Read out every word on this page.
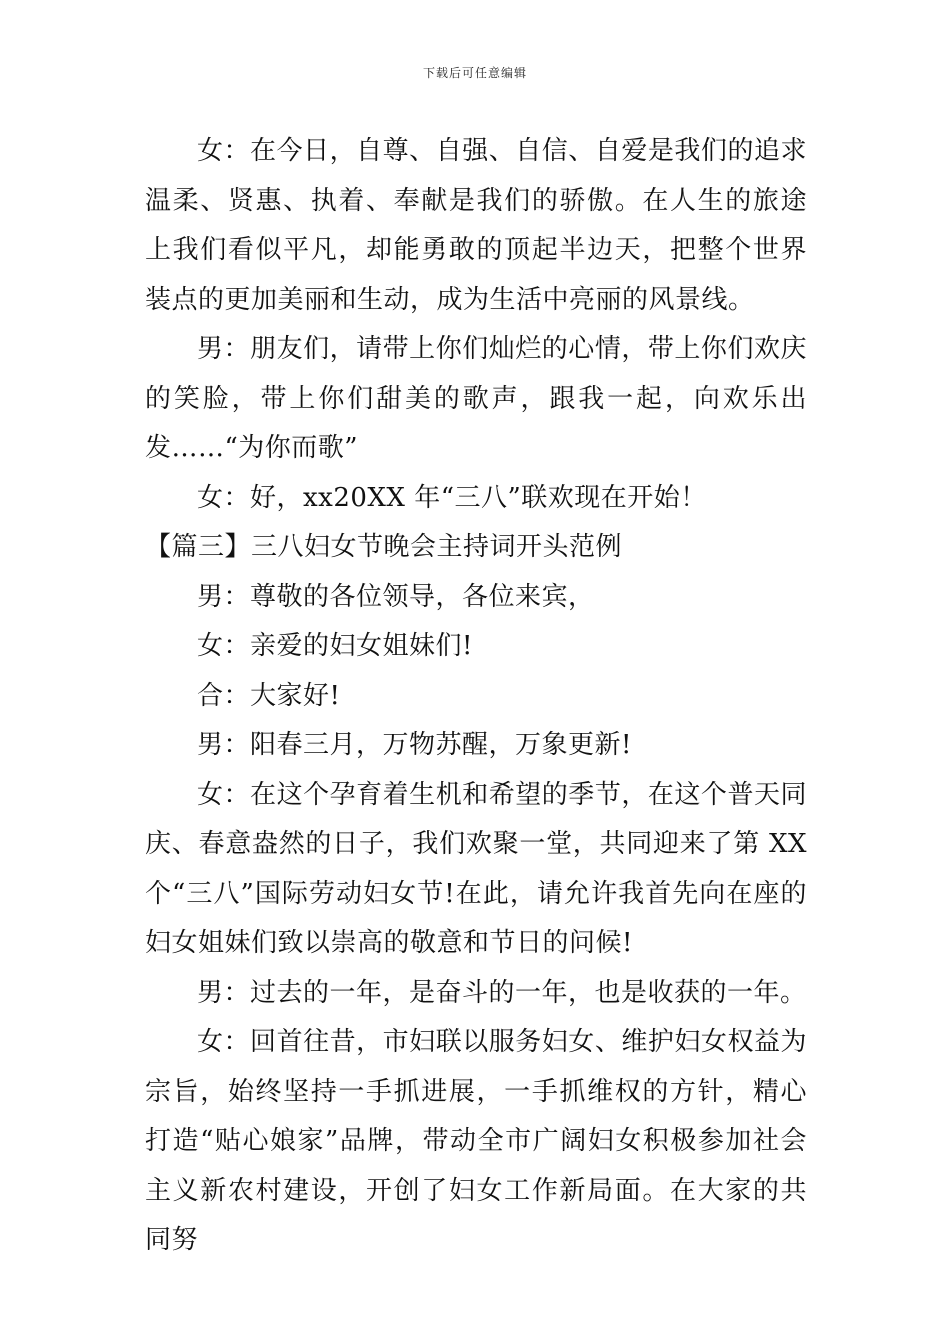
下载后可任意编辑

女：在今日，自尊、自强、自信、自爱是我们的追求温柔、贤惠、执着、奉献是我们的骄傲。在人生的旅途上我们看似平凡，却能勇敢的顶起半边天，把整个世界装点的更加美丽和生动，成为生活中亮丽的风景线。

男：朋友们，请带上你们灿烂的心情，带上你们欢庆的笑脸，带上你们甜美的歌声，跟我一起，向欢乐出发……“为你而歌”

女：好，xx20XX 年“三八”联欢现在开始！

【篇三】三八妇女节晚会主持词开头范例

男：尊敬的各位领导，各位来宾，

女：亲爱的妇女姐妹们!

合：大家好!

男：阳春三月，万物苏醒，万象更新!

女：在这个孕育着生机和希望的季节，在这个普天同庆、春意盎然的日子，我们欢聚一堂，共同迎来了第 XX 个“三八”国际劳动妇女节!在此，请允许我首先向在座的妇女姐妹们致以崇高的敬意和节日的问候!

男：过去的一年，是奋斗的一年，也是收获的一年。

女：回首往昔，市妇联以服务妇女、维护妇女权益为宗旨，始终坚持一手抓进展，一手抓维权的方针，精心打造“贴心娘家”品牌，带动全市广阔妇女积极参加社会主义新农村建设，开创了妇女工作新局面。在大家的共同努
